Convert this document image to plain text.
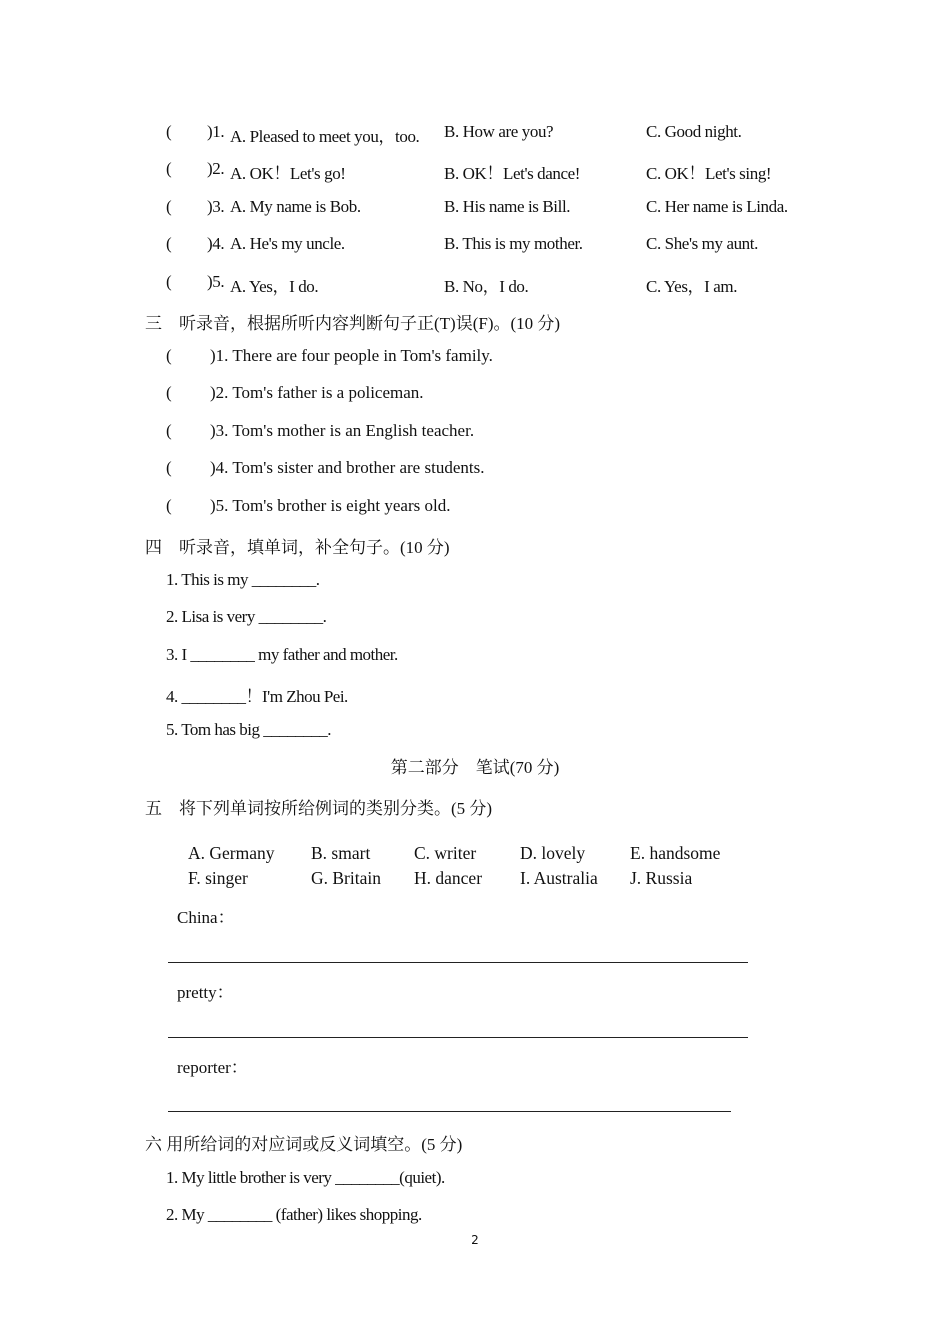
( )1. A. Pleased to meet you，too. B. How are you?	C. Good night.
( )2. A. OK！Let's go!	B. OK！Let's dance!	C. OK！Let's sing!
( )3. A. My name is Bob.	B. His name is Bill.	C. Her name is Linda.
( )4. A. He's my uncle.	B. This is my mother.	C. She's my aunt.
( )5. A. Yes，I do.	B. No，I do.	C. Yes，I am.
三　听录音，根据所听内容判断句子正(T)误(F)。(10 分)
( )1. There are four people in Tom's family.
( )2. Tom's father is a policeman.
( )3. Tom's mother is an English teacher.
( )4. Tom's sister and brother are students.
( )5. Tom's brother is eight years old.
四　听录音，填单词，补全句子。(10 分)
1. This is my ________.
2. Lisa is very ________.
3. I ________ my father and mother.
4. ________！I'm Zhou Pei.
5. Tom has big ________.
第二部分　笔试(70 分)
五　将下列单词按所给例词的类别分类。(5 分)
A. Germany B. smart C. writer	D. lovely	E. handsome
F. singer	G. Britain H. dancer I. Australia J. Russia
China：
pretty：
reporter：
六 用所给词的对应词或反义词填空。(5 分)
1. My little brother is very ________(quiet).
2. My ________ (father) likes shopping.
2
